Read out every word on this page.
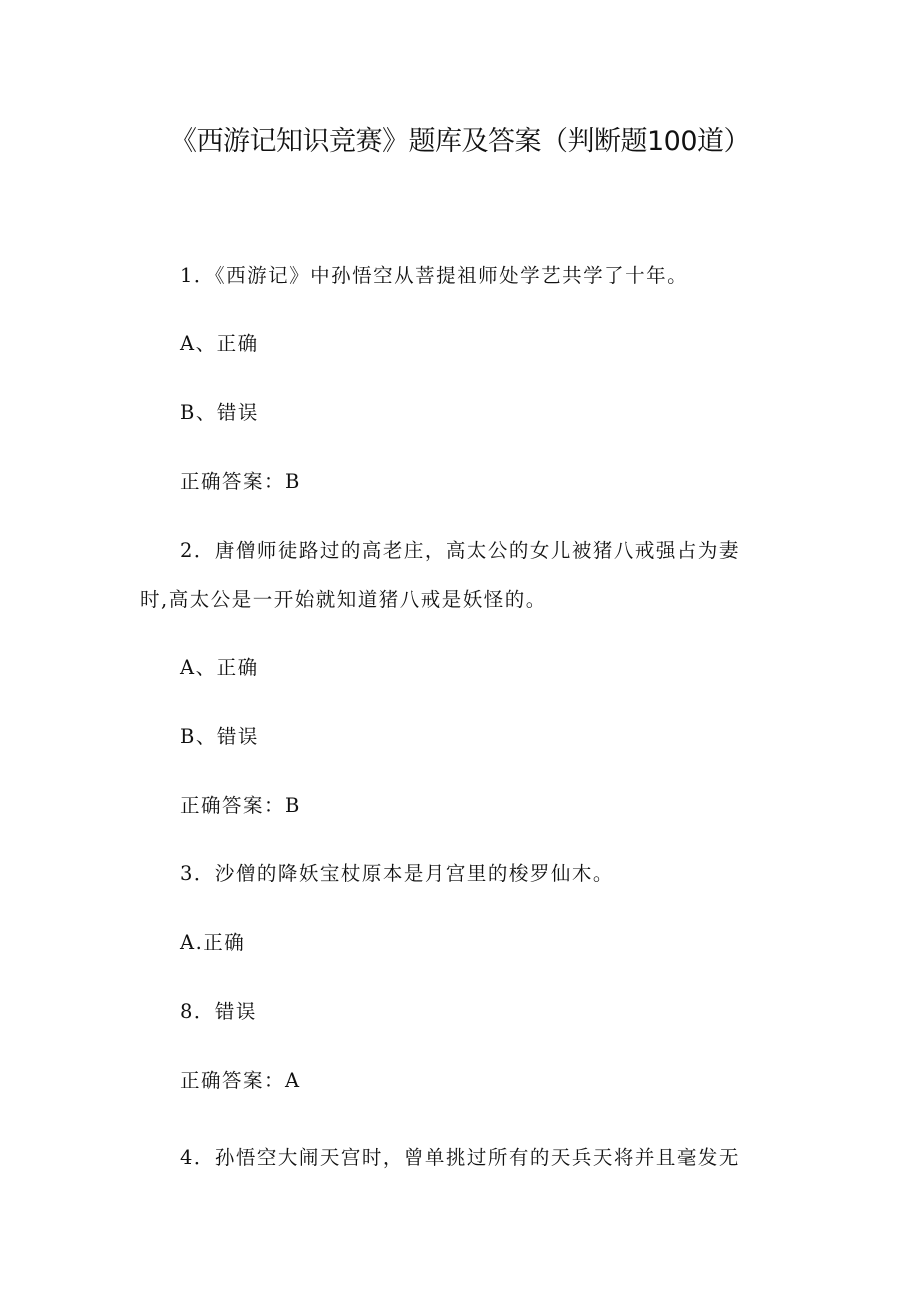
《西游记知识竞赛》题库及答案（判断题100道）
1．《西游记》中孙悟空从菩提祖师处学艺共学了十年。
A、正确
B、错误
正确答案：B
2．唐僧师徒路过的高老庄，高太公的女儿被猪八戒强占为妻
时,高太公是一开始就知道猪八戒是妖怪的。
A、正确
B、错误
正确答案：B
3．沙僧的降妖宝杖原本是月宫里的梭罗仙木。
A.正确
8．错误
正确答案：A
4．孙悟空大闹天宫时，曾单挑过所有的天兵天将并且毫发无
